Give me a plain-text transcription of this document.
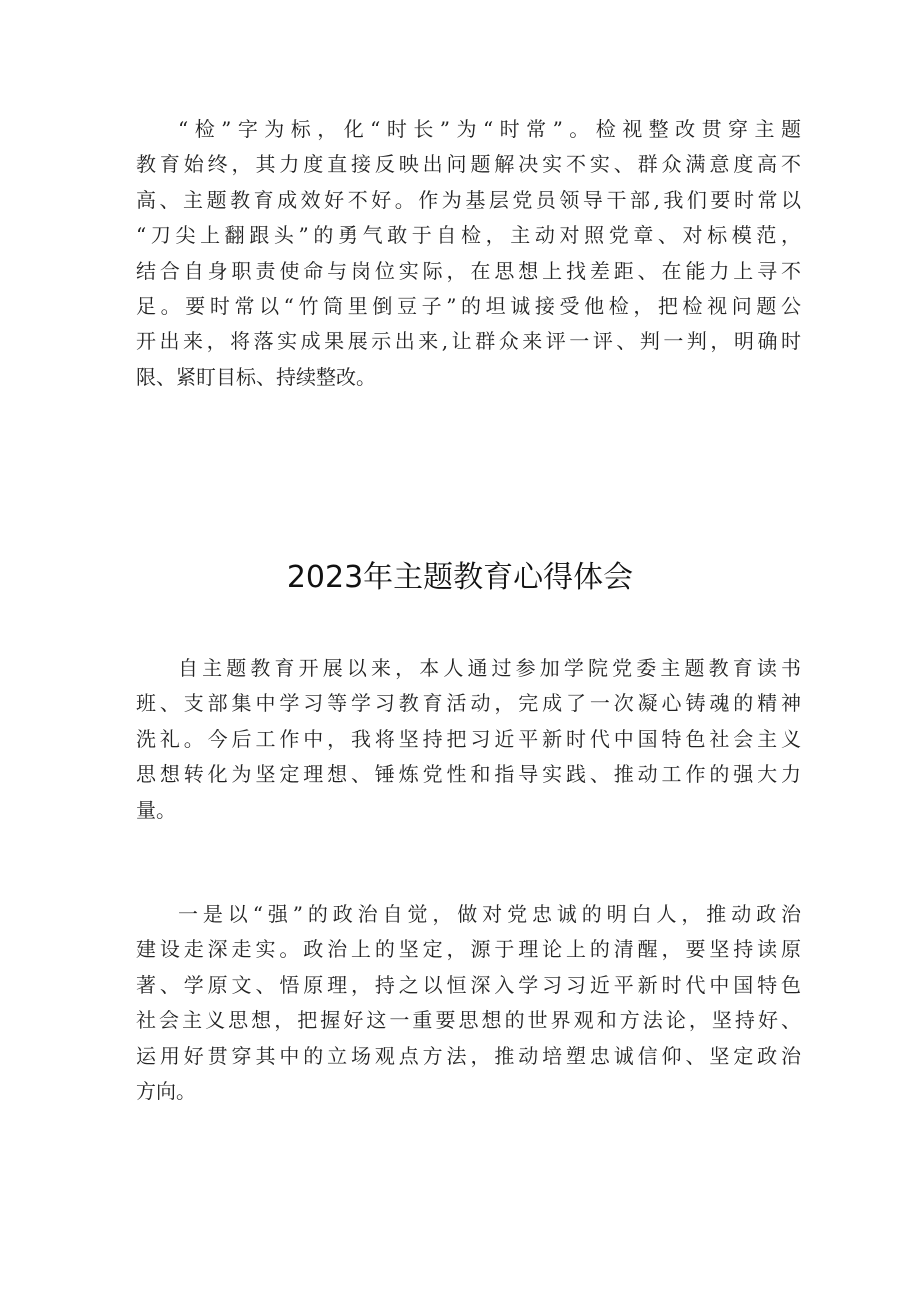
“检”字为标，化“时长”为“时常”。检视整改贯穿主题
教育始终，其力度直接反映出问题解决实不实、群众满意度高不
高、主题教育成效好不好。作为基层党员领导干部,我们要时常以
“刀尖上翻跟头”的勇气敢于自检，主动对照党章、对标模范，
结合自身职责使命与岗位实际，在思想上找差距、在能力上寻不
足。要时常以“竹筒里倒豆子”的坦诚接受他检，把检视问题公
开出来，将落实成果展示出来,让群众来评一评、判一判，明确时
限、紧盯目标、持续整改。
2023年主题教育心得体会
自主题教育开展以来，本人通过参加学院党委主题教育读书
班、支部集中学习等学习教育活动，完成了一次凝心铸魂的精神
洗礼。今后工作中，我将坚持把习近平新时代中国特色社会主义
思想转化为坚定理想、锤炼党性和指导实践、推动工作的强大力
量。
一是以“强”的政治自觉，做对党忠诚的明白人，推动政治
建设走深走实。政治上的坚定，源于理论上的清醒，要坚持读原
著、学原文、悟原理，持之以恒深入学习习近平新时代中国特色
社会主义思想，把握好这一重要思想的世界观和方法论，坚持好、
运用好贯穿其中的立场观点方法，推动培塑忠诚信仰、坚定政治
方向。
